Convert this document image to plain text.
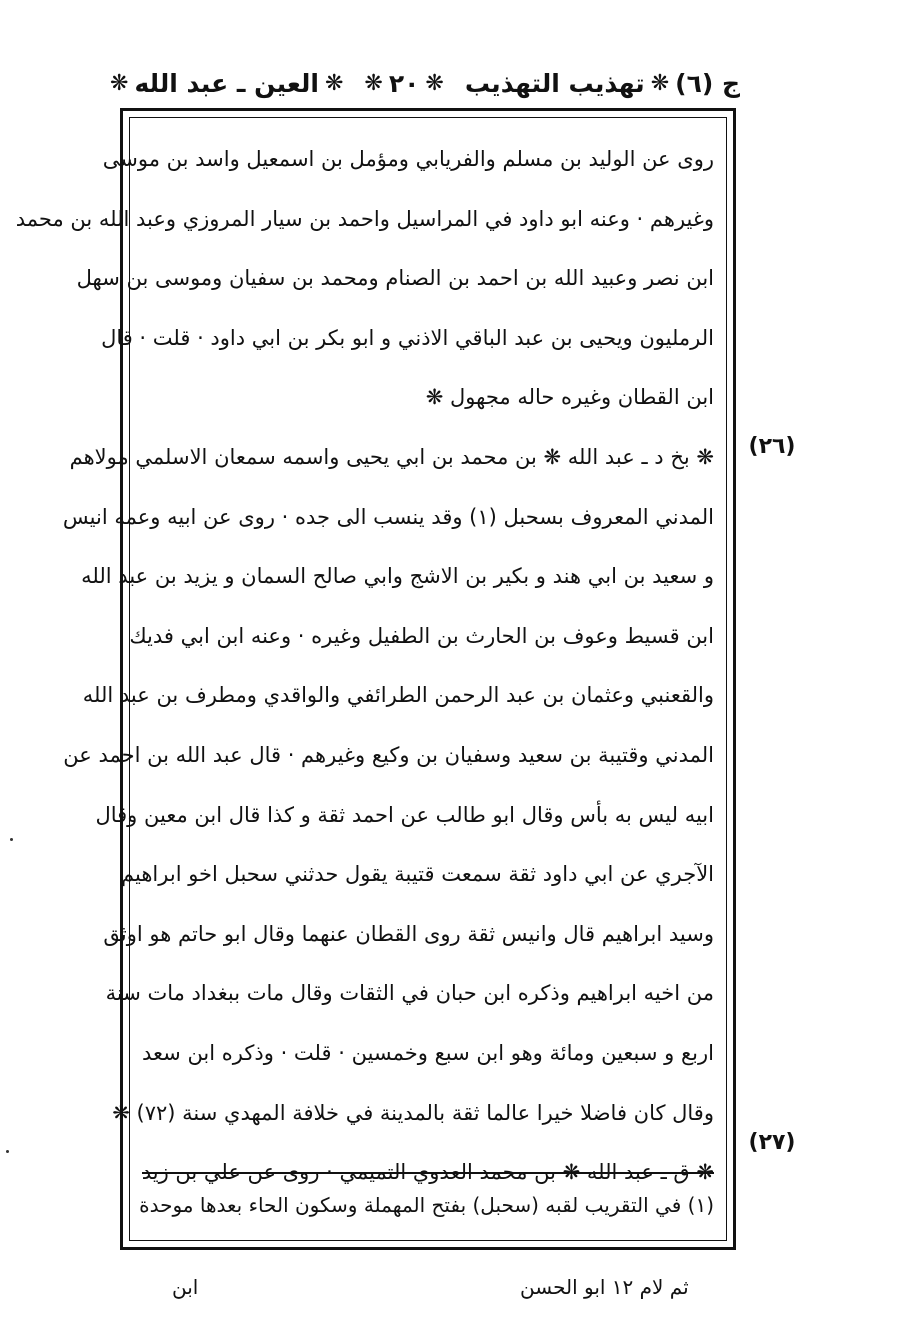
ج (٦)
❋
تهذيب التهذيب
❋
٢٠
❋
❋
العين ـ عبد الله
❋
روى عن الوليد بن مسلم والفريابي ومؤمل بن اسمعيل واسد بن موسى
وغيرهم · وعنه ابو داود في المراسيل واحمد بن سيار المروزي وعبد الله بن محمد
ابن نصر وعبيد الله بن احمد بن الصنام ومحمد بن سفيان وموسى بن سهل
الرمليون ويحيى بن عبد الباقي الاذني و ابو بكر بن ابي داود · قلت · قال
ابن القطان وغيره حاله مجهول ❋
❋ بخ د ـ عبد الله ❋ بن محمد بن ابي يحيى واسمه سمعان الاسلمي مولاهم
المدني المعروف بسحبل (١) وقد ينسب الى جده · روى عن ابيه وعمه انيس
و سعيد بن ابي هند و بكير بن الاشج وابي صالح السمان و يزيد بن عبد الله
ابن قسيط وعوف بن الحارث بن الطفيل وغيره · وعنه ابن ابي فديك
والقعنبي وعثمان بن عبد الرحمن الطرائفي والواقدي ومطرف بن عبد الله
المدني وقتيبة بن سعيد وسفيان بن وكيع وغيرهم · قال عبد الله بن احمد عن
ابيه ليس به بأس وقال ابو طالب عن احمد ثقة و كذا قال ابن معين وقال
الآجري عن ابي داود ثقة سمعت قتيبة يقول حدثني سحبل اخو ابراهيم
وسيد ابراهيم قال وانيس ثقة روى القطان عنهما وقال ابو حاتم هو اوثق
من اخيه ابراهيم وذكره ابن حبان في الثقات وقال مات ببغداد مات سنة
اربع و سبعين ومائة وهو ابن سبع وخمسين · قلت · وذكره ابن سعد
وقال كان فاضلا خيرا عالما ثقة بالمدينة في خلافة المهدي سنة (٧٢) ❋
❋ ق ـ عبد الله ❋ بن محمد العدوي التميمي · روى عن علي بن زيد
(٢٦)
(٢٧)
(١) في التقريب لقبه (سحبل) بفتح المهملة وسكون الحاء بعدها موحدة
ثم لام ١٢ ابو الحسن
ابن
